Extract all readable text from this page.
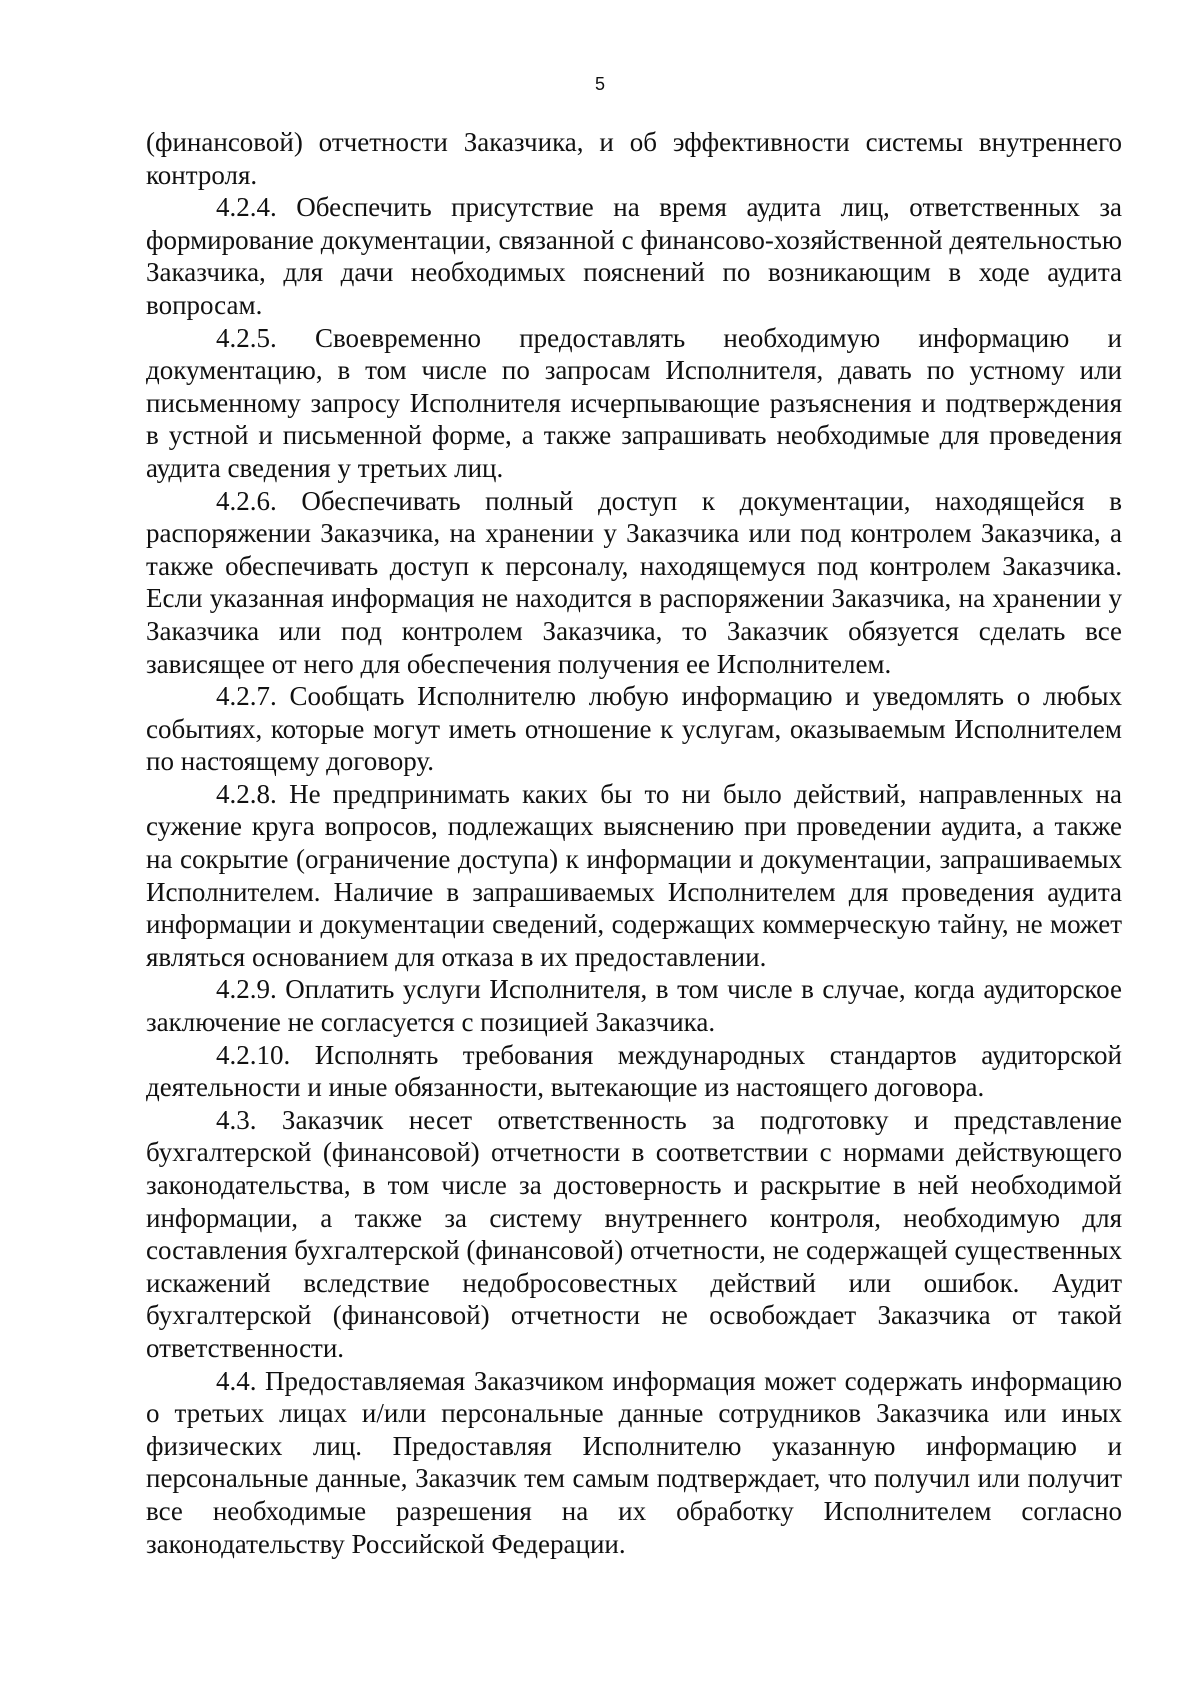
5

(финансовой) отчетности Заказчика, и об эффективности системы внутреннего контроля.

4.2.4. Обеспечить присутствие на время аудита лиц, ответственных за формирование документации, связанной с финансово-хозяйственной деятельностью Заказчика, для дачи необходимых пояснений по возникающим в ходе аудита вопросам.

4.2.5. Своевременно предоставлять необходимую информацию и документацию, в том числе по запросам Исполнителя, давать по устному или письменному запросу Исполнителя исчерпывающие разъяснения и подтверждения в устной и письменной форме, а также запрашивать необходимые для проведения аудита сведения у третьих лиц.

4.2.6. Обеспечивать полный доступ к документации, находящейся в распоряжении Заказчика, на хранении у Заказчика или под контролем Заказчика, а также обеспечивать доступ к персоналу, находящемуся под контролем Заказчика. Если указанная информация не находится в распоряжении Заказчика, на хранении у Заказчика или под контролем Заказчика, то Заказчик обязуется сделать все зависящее от него для обеспечения получения ее Исполнителем.

4.2.7. Сообщать Исполнителю любую информацию и уведомлять о любых событиях, которые могут иметь отношение к услугам, оказываемым Исполнителем по настоящему договору.

4.2.8. Не предпринимать каких бы то ни было действий, направленных на сужение круга вопросов, подлежащих выяснению при проведении аудита, а также на сокрытие (ограничение доступа) к информации и документации, запрашиваемых Исполнителем. Наличие в запрашиваемых Исполнителем для проведения аудита информации и документации сведений, содержащих коммерческую тайну, не может являться основанием для отказа в их предоставлении.

4.2.9. Оплатить услуги Исполнителя, в том числе в случае, когда аудиторское заключение не согласуется с позицией Заказчика.

4.2.10. Исполнять требования международных стандартов аудиторской деятельности и иные обязанности, вытекающие из настоящего договора.

4.3. Заказчик несет ответственность за подготовку и представление бухгалтерской (финансовой) отчетности в соответствии с нормами действующего законодательства, в том числе за достоверность и раскрытие в ней необходимой информации, а также за систему внутреннего контроля, необходимую для составления бухгалтерской (финансовой) отчетности, не содержащей существенных искажений вследствие недобросовестных действий или ошибок. Аудит бухгалтерской (финансовой) отчетности не освобождает Заказчика от такой ответственности.

4.4. Предоставляемая Заказчиком информация может содержать информацию о третьих лицах и/или персональные данные сотрудников Заказчика или иных физических лиц. Предоставляя Исполнителю указанную информацию и персональные данные, Заказчик тем самым подтверждает, что получил или получит все необходимые разрешения на их обработку Исполнителем согласно законодательству Российской Федерации.
